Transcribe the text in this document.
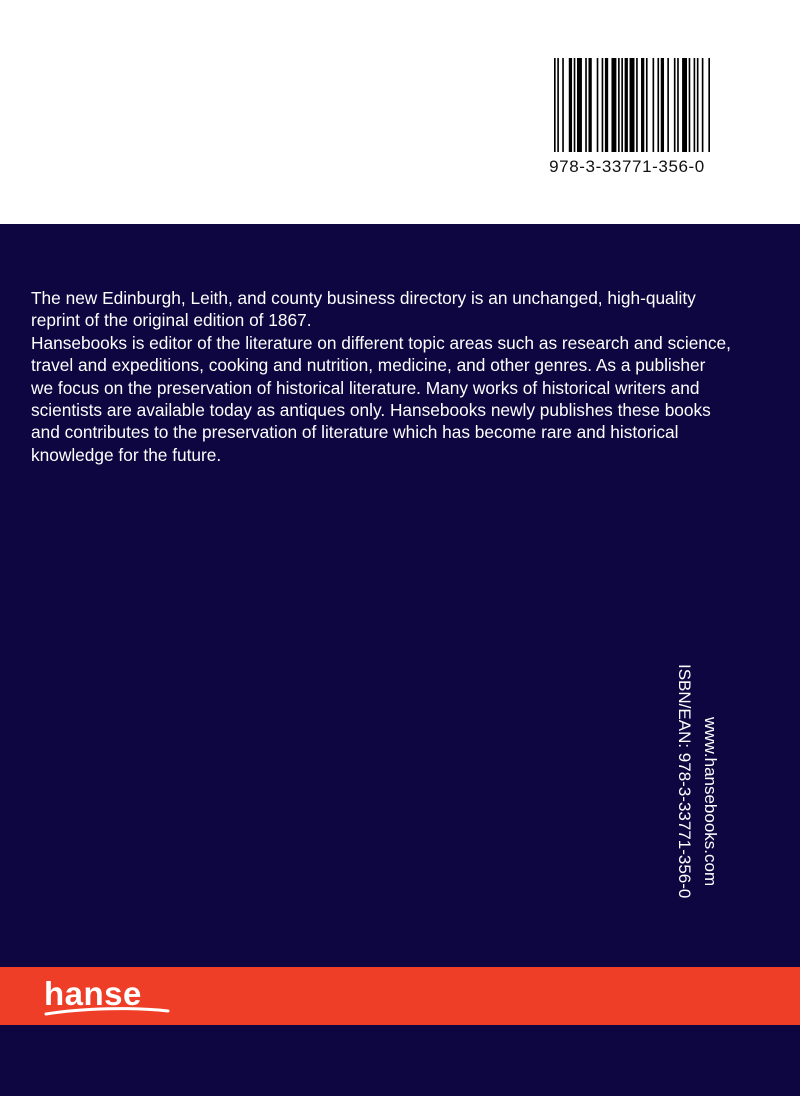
978-3-33771-356-0

The new Edinburgh, Leith, and county business directory is an unchanged, high-quality reprint of the original edition of 1867.

Hansebooks is editor of the literature on different topic areas such as research and science, travel and expeditions, cooking and nutrition, medicine, and other genres. As a publisher we focus on the preservation of historical literature. Many works of historical writers and scientists are available today as antiques only. Hansebooks newly publishes these books and contributes to the preservation of literature which has become rare and historical knowledge for the future.

ISBN/EAN: 978-3-33771-356-0 www.hansebooks.com
hanse
